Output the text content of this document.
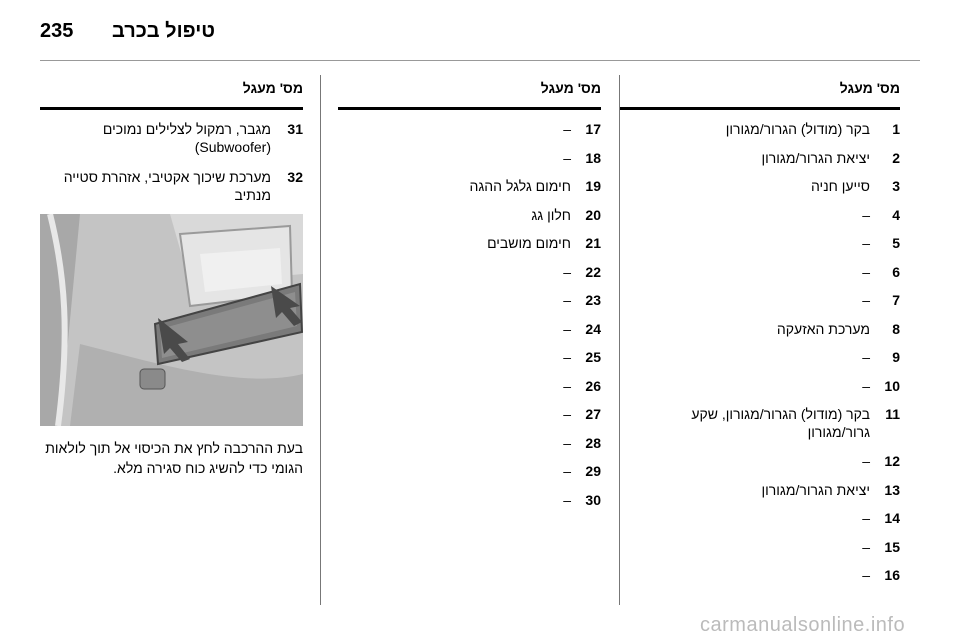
235 טיפול בכרב
מס' מעגל
1
בקר (מודול) הגרור/מגורון
2
יציאת הגרור/מגורון
3
סייען חניה
4
–
5
–
6
–
7
–
8
מערכת האזעקה
9
–
10
–
11
בקר (מודול) הגרור/מגורון, שקע גרור/מגורון
12
–
13
יציאת הגרור/מגורון
14
–
15
–
16
–
מס' מעגל
17
–
18
–
19
חימום גלגל ההגה
20
חלון גג
21
חימום מושבים
22
–
23
–
24
–
25
–
26
–
27
–
28
–
29
–
30
–
מס' מעגל
31
מגבר, רמקול לצלילים נמוכים (Subwoofer)
32
מערכת שיכוך אקטיבי, אזהרת סטייה מנתיב
בעת ההרכבה לחץ את הכיסוי אל תוך לולאות הגומי כדי להשיג כוח סגירה מלא.
carmanualsonline.info
